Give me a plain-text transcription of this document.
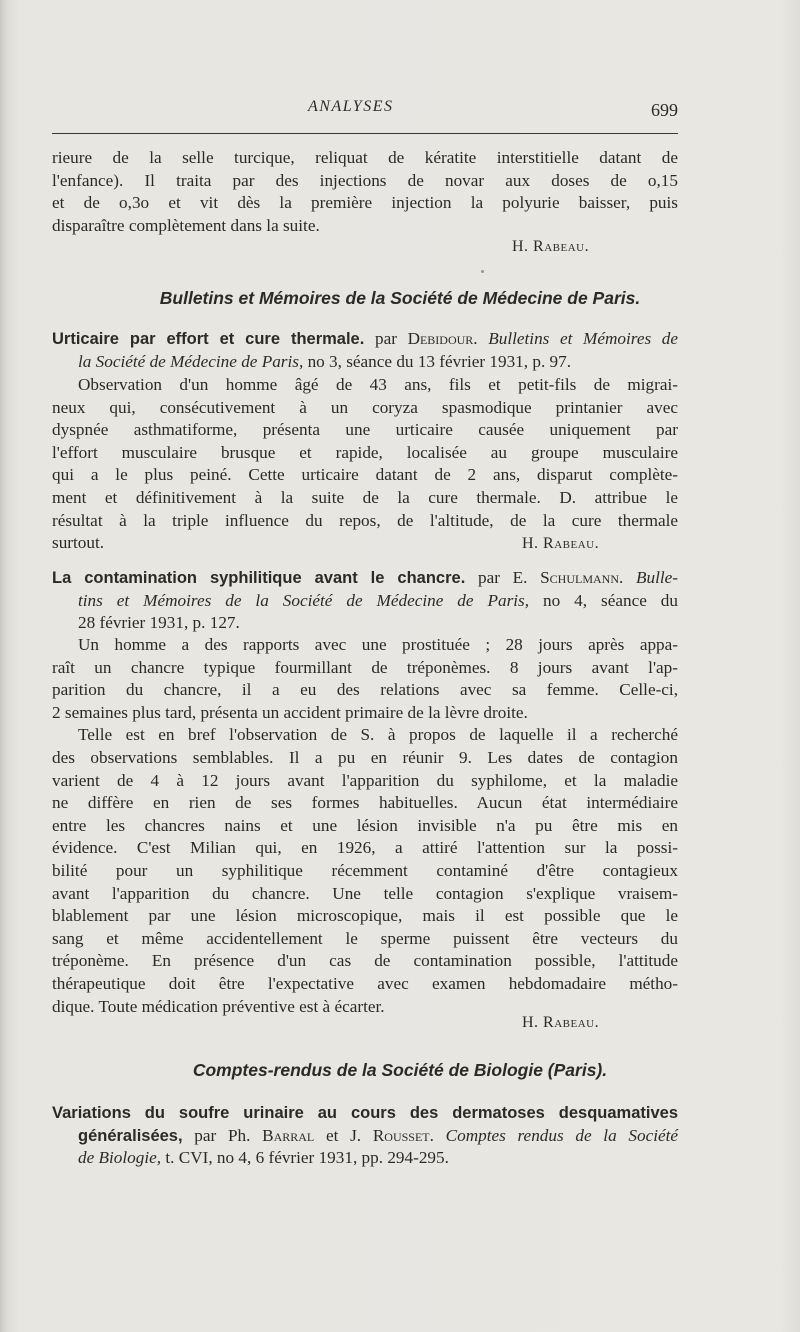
ANALYSES	699
rieure de la selle turcique, reliquat de kératite interstitielle datant de
l'enfance). Il traita par des injections de novar aux doses de o,15
et de o,3o et vit dès la première injection la polyurie baisser, puis
disparaître complètement dans la suite.
H. Rabeau.
Bulletins et Mémoires de la Société de Médecine de Paris.
Urticaire par effort et cure thermale. par Debidour. Bulletins et Mémoires de
la Société de Médecine de Paris, no 3, séance du 13 février 1931, p. 97.
Observation d'un homme âgé de 43 ans, fils et petit-fils de migrai-
neux qui, consécutivement à un coryza spasmodique printanier avec
dyspnée asthmatiforme, présenta une urticaire causée uniquement par
l'effort musculaire brusque et rapide, localisée au groupe musculaire
qui a le plus peiné. Cette urticaire datant de 2 ans, disparut complète-
ment et définitivement à la suite de la cure thermale. D. attribue le
résultat à la triple influence du repos, de l'altitude, de la cure thermale
surtout.	H. Rabeau.
La contamination syphilitique avant le chancre. par E. Schulmann. Bulle-
tins et Mémoires de la Société de Médecine de Paris, no 4, séance du
28 février 1931, p. 127.
Un homme a des rapports avec une prostituée ; 28 jours après appa-
raît un chancre typique fourmillant de tréponèmes. 8 jours avant l'ap-
parition du chancre, il a eu des relations avec sa femme. Celle-ci,
2 semaines plus tard, présenta un accident primaire de la lèvre droite.
Telle est en bref l'observation de S. à propos de laquelle il a recherché
des observations semblables. Il a pu en réunir 9. Les dates de contagion
varient de 4 à 12 jours avant l'apparition du syphilome, et la maladie
ne diffère en rien de ses formes habituelles. Aucun état intermédiaire
entre les chancres nains et une lésion invisible n'a pu être mis en
évidence. C'est Milian qui, en 1926, a attiré l'attention sur la possi-
bilité pour un syphilitique récemment contaminé d'être contagieux
avant l'apparition du chancre. Une telle contagion s'explique vraisem-
blablement par une lésion microscopique, mais il est possible que le
sang et même accidentellement le sperme puissent être vecteurs du
tréponème. En présence d'un cas de contamination possible, l'attitude
thérapeutique doit être l'expectative avec examen hebdomadaire métho-
dique. Toute médication préventive est à écarter.
H. Rabeau.
Comptes-rendus de la Société de Biologie (Paris).
Variations du soufre urinaire au cours des dermatoses desquamatives
généralisées, par Ph. Barral et J. Rousset. Comptes rendus de la Société
de Biologie, t. CVI, no 4, 6 février 1931, pp. 294-295.
